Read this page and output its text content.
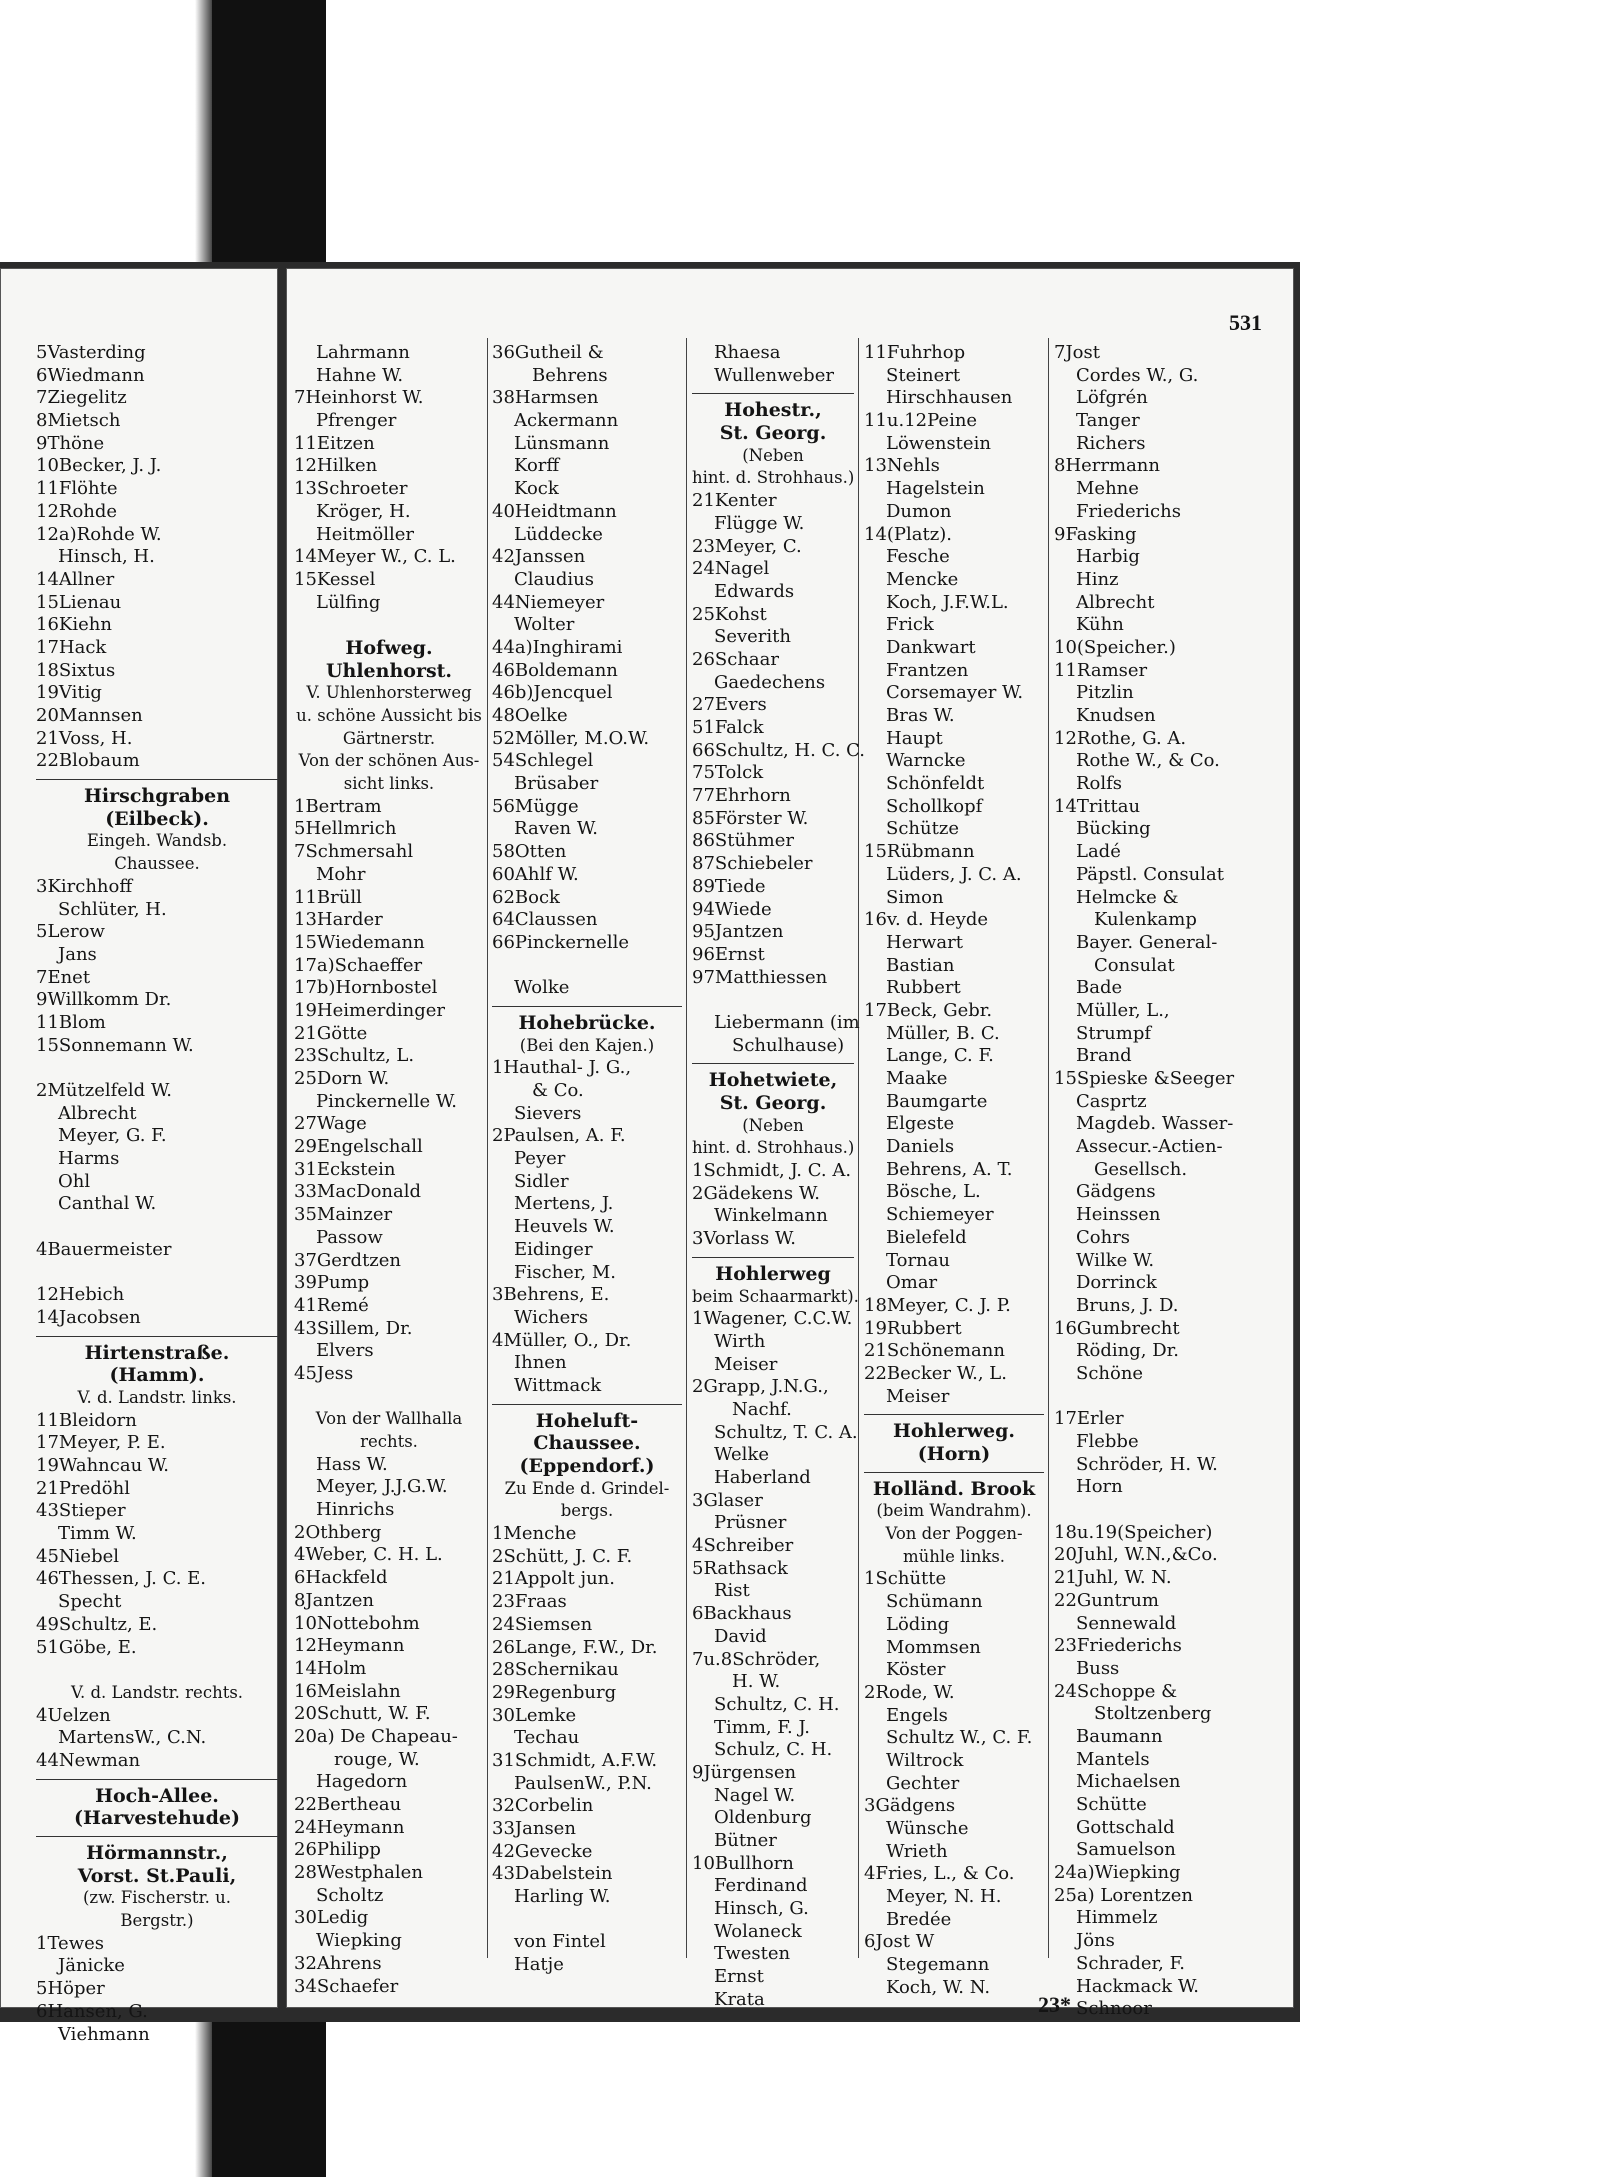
5Vasterding
6Wiedmann
7Ziegelitz
8Mietsch
9Thöne
10Becker, J. J.
11Flöhte
12Rohde
12a)Rohde W.
Hinsch, H.
14Allner
15Lienau
16Kiehn
17Hack
18Sixtus
19Vitig
20Mannsen
21Voss, H.
22Blobaum
Hirschgraben
(Eilbeck).
Eingeh. Wandsb.
Chaussee.
3Kirchhoff
Schlüter, H.
5Lerow
Jans
7Enet
9Willkomm Dr.
11Blom
15Sonnemann W.
2Mützelfeld W.
Albrecht
Meyer, G. F.
Harms
Ohl
Canthal W.
4Bauermeister
12Hebich
14Jacobsen
Hirtenstraße.
(Hamm).
V. d. Landstr. links.
11Bleidorn
17Meyer, P. E.
19Wahncau W.
21Predöhl
43Stieper
Timm W.
45Niebel
46Thessen, J. C. E.
Specht
49Schultz, E.
51Göbe, E.
V. d. Landstr. rechts.
4Uelzen
MartensW., C.N.
44Newman
Hoch-Allee.
(Harvestehude)
Hörmannstr.,
Vorst. St.Pauli,
(zw. Fischerstr. u.
Bergstr.)
1Tewes
Jänicke
5Höper
6Hansen, G.
Viehmann
531
Lahrmann
Hahne W.
7Heinhorst W.
Pfrenger
11Eitzen
12Hilken
13Schroeter
Kröger, H.
Heitmöller
14Meyer W., C. L.
15Kessel
Lülfing
Hofweg.
Uhlenhorst.
V. Uhlenhorsterweg
u. schöne Aussicht bis
Gärtnerstr.
Von der schönen Aus-
sicht links.
1Bertram
5Hellmrich
7Schmersahl
Mohr
11Brüll
13Harder
15Wiedemann
17a)Schaeffer
17b)Hornbostel
19Heimerdinger
21Götte
23Schultz, L.
25Dorn W.
Pinckernelle W.
27Wage
29Engelschall
31Eckstein
33MacDonald
35Mainzer
Passow
37Gerdtzen
39Pump
41Remé
43Sillem, Dr.
Elvers
45Jess
Von der Wallhalla
rechts.
Hass W.
Meyer, J.J.G.W.
Hinrichs
2Othberg
4Weber, C. H. L.
6Hackfeld
8Jantzen
10Nottebohm
12Heymann
14Holm
16Meislahn
20Schutt, W. F.
20a) De Chapeau-
rouge, W.
Hagedorn
22Bertheau
24Heymann
26Philipp
28Westphalen
Scholtz
30Ledig
Wiepking
32Ahrens
34Schaefer
36Gutheil &
Behrens
38Harmsen
Ackermann
Lünsmann
Korff
Kock
40Heidtmann
Lüddecke
42Janssen
Claudius
44Niemeyer
Wolter
44a)Inghirami
46Boldemann
46b)Jencquel
48Oelke
52Möller, M.O.W.
54Schlegel
Brüsaber
56Mügge
Raven W.
58Otten
60Ahlf W.
62Bock
64Claussen
66Pinckernelle
Wolke
Hohebrücke.
(Bei den Kajen.)
1Hauthal- J. G.,
& Co.
Sievers
2Paulsen, A. F.
Peyer
Sidler
Mertens, J.
Heuvels W.
Eidinger
Fischer, M.
3Behrens, E.
Wichers
4Müller, O., Dr.
Ihnen
Wittmack
Hoheluft-
Chaussee.
(Eppendorf.)
Zu Ende d. Grindel-
bergs.
1Menche
2Schütt, J. C. F.
21Appolt jun.
23Fraas
24Siemsen
26Lange, F.W., Dr.
28Schernikau
29Regenburg
30Lemke
Techau
31Schmidt, A.F.W.
PaulsenW., P.N.
32Corbelin
33Jansen
42Gevecke
43Dabelstein
Harling W.
von Fintel
Hatje
Rhaesa
Wullenweber
Hohestr.,
St. Georg.
(Neben
hint. d. Strohhaus.)
21Kenter
Flügge W.
23Meyer, C.
24Nagel
Edwards
25Kohst
Severith
26Schaar
Gaedechens
27Evers
51Falck
66Schultz, H. C. C.
75Tolck
77Ehrhorn
85Förster W.
86Stühmer
87Schiebeler
89Tiede
94Wiede
95Jantzen
96Ernst
97Matthiessen
Liebermann (im
Schulhause)
Hohetwiete,
St. Georg.
(Neben
hint. d. Strohhaus.)
1Schmidt, J. C. A.
2Gädekens W.
Winkelmann
3Vorlass W.
Hohlerweg
beim Schaarmarkt).
1Wagener, C.C.W.
Wirth
Meiser
2Grapp, J.N.G.,
Nachf.
Schultz, T. C. A.
Welke
Haberland
3Glaser
Prüsner
4Schreiber
5Rathsack
Rist
6Backhaus
David
7u.8Schröder,
H. W.
Schultz, C. H.
Timm, F. J.
Schulz, C. H.
9Jürgensen
Nagel W.
Oldenburg
Bütner
10Bullhorn
Ferdinand
Hinsch, G.
Wolaneck
Twesten
Ernst
Krata
11Fuhrhop
Steinert
Hirschhausen
11u.12Peine
Löwenstein
13Nehls
Hagelstein
Dumon
14(Platz).
Fesche
Mencke
Koch, J.F.W.L.
Frick
Dankwart
Frantzen
Corsemayer W.
Bras W.
Haupt
Warncke
Schönfeldt
Schollkopf
Schütze
15Rübmann
Lüders, J. C. A.
Simon
16v. d. Heyde
Herwart
Bastian
Rubbert
17Beck, Gebr.
Müller, B. C.
Lange, C. F.
Maake
Baumgarte
Elgeste
Daniels
Behrens, A. T.
Bösche, L.
Schiemeyer
Bielefeld
Tornau
Omar
18Meyer, C. J. P.
19Rubbert
21Schönemann
22Becker W., L.
Meiser
Hohlerweg.
(Horn)
Holländ. Brook
(beim Wandrahm).
Von der Poggen-
mühle links.
1Schütte
Schümann
Löding
Mommsen
Köster
2Rode, W.
Engels
Schultz W., C. F.
Wiltrock
Gechter
3Gädgens
Wünsche
Wrieth
4Fries, L., & Co.
Meyer, N. H.
Bredée
6Jost W
Stegemann
Koch, W. N.
7Jost
Cordes W., G.
Löfgrén
Tanger
Richers
8Herrmann
Mehne
Friederichs
9Fasking
Harbig
Hinz
Albrecht
Kühn
10(Speicher.)
11Ramser
Pitzlin
Knudsen
12Rothe, G. A.
Rothe W., & Co.
Rolfs
14Trittau
Bücking
Ladé
Päpstl. Consulat
Helmcke &
Kulenkamp
Bayer. General-
Consulat
Bade
Müller, L.,
Strumpf
Brand
15Spieske &Seeger
Casprtz
Magdeb. Wasser-
Assecur.-Actien-
Gesellsch.
Gädgens
Heinssen
Cohrs
Wilke W.
Dorrinck
Bruns, J. D.
16Gumbrecht
Röding, Dr.
Schöne
17Erler
Flebbe
Schröder, H. W.
Horn
18u.19(Speicher)
20Juhl, W.N.,&Co.
21Juhl, W. N.
22Guntrum
Sennewald
23Friederichs
Buss
24Schoppe &
Stoltzenberg
Baumann
Mantels
Michaelsen
Schütte
Gottschald
Samuelson
24a)Wiepking
25a) Lorentzen
Himmelz
Jöns
Schrader, F.
Hackmack W.
Schnoor
23*
